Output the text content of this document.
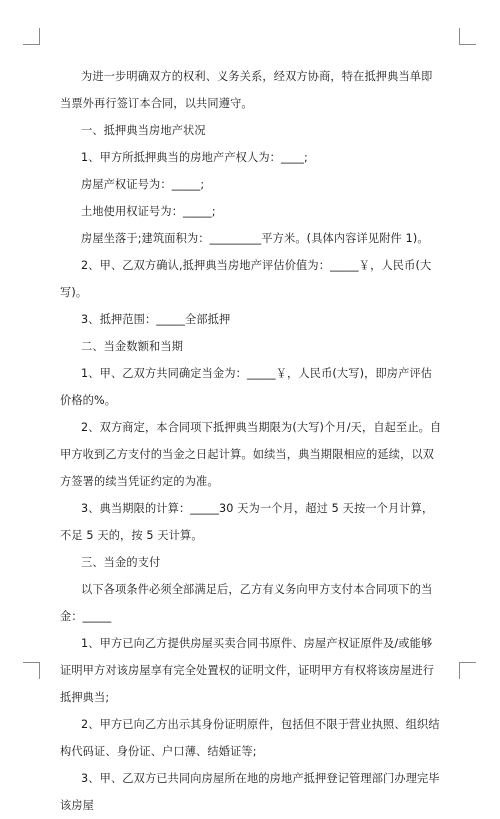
为进一步明确双方的权利、义务关系，经双方协商，特在抵押典当单即当票外再行签订本合同，以共同遵守。

一、抵押典当房地产状况

1、甲方所抵押典当的房地产产权人为：____;

房屋产权证号为：_____;

土地使用权证号为：_____;

房屋坐落于;建筑面积为：_________平方米。(具体内容详见附件 1)。

2、甲、乙双方确认,抵押典当房地产评估价值为：_____￥，人民币(大写)。

3、抵押范围：_____全部抵押

二、当金数额和当期

1、甲、乙双方共同确定当金为：_____￥，人民币(大写)，即房产评估价格的%。

2、双方商定，本合同项下抵押典当期限为(大写)个月/天，自起至止。自甲方收到乙方支付的当金之日起计算。如续当，典当期限相应的延续，以双方签署的续当凭证约定的为准。

3、典当期限的计算：_____30 天为一个月，超过 5 天按一个月计算，不足 5 天的，按 5 天计算。

三、当金的支付

以下各项条件必须全部满足后，乙方有义务向甲方支付本合同项下的当金：_____

1、甲方已向乙方提供房屋买卖合同书原件、房屋产权证原件及/或能够证明甲方对该房屋享有完全处置权的证明文件，证明甲方有权将该房屋进行抵押典当;

2、甲方已向乙方出示其身份证明原件，包括但不限于营业执照、组织结构代码证、身份证、户口薄、结婚证等;

3、甲、乙双方已共同向房屋所在地的房地产抵押登记管理部门办理完毕该房屋
